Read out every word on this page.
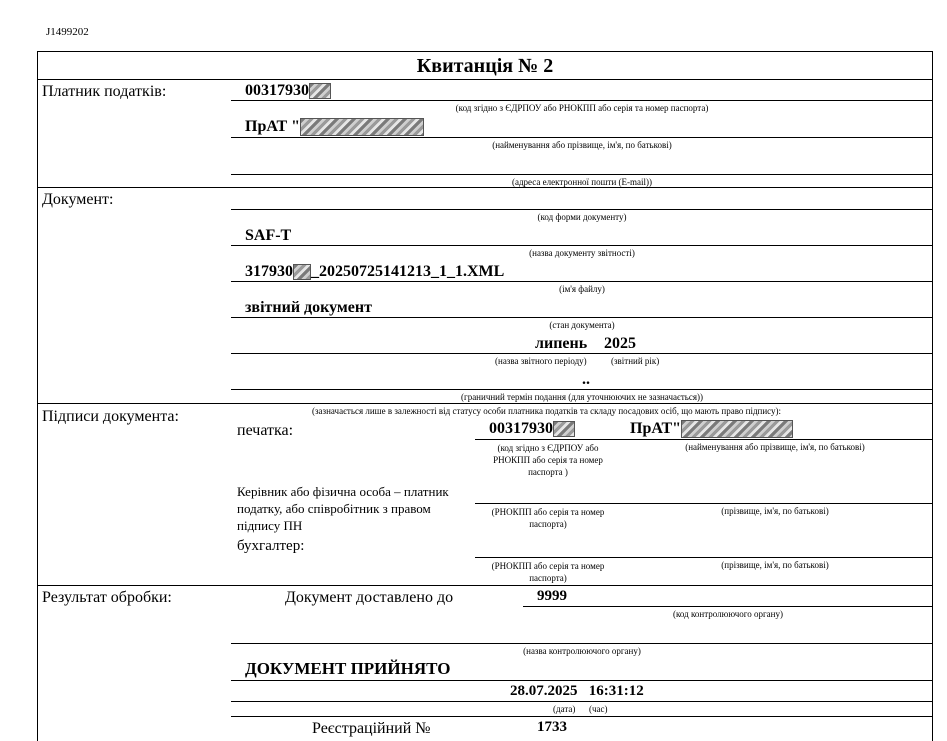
J1499202
Квитанція № 2
Платник податків:	00317930
(код згідно з ЄДРПОУ або РНОКПП або серія та номер паспорта)
ПрАТ "
(найменування або прізвище, ім'я, по батькові)
(адреса електронної пошти (E-mail))
Документ:
(код форми документу)
SAF-T
(назва документу звітності)
317930 _20250725141213_1_1.XML
(ім'я файлу)
звітний документ
(стан документа)
липень 2025
(назва звітного періоду)	(звітний рік)
..
(граничний термін подання (для уточнюючих не зазначається))
Підписи документа:	(зазначається лише в залежності від статусу особи платника податків та складу посадових осіб, що мають право підпису):
печатка:	00317930	ПрАТ"
(код згідно з ЄДРПОУ або РНОКПП або серія та номер паспорта )
(найменування або прізвище, ім'я, по батькові)
Керівник або фізична особа – платник податку, або співробітник з правом підпису ПН
(РНОКПП або серія та номер паспорта)
(прізвище, ім'я, по батькові)
бухгалтер:
(РНОКПП або серія та номер паспорта)
(прізвище, ім'я, по батькові)
Результат обробки:	Документ доставлено до	9999
(код контролюючого органу)
(назва контролюючого органу)
ДОКУМЕНТ ПРИЙНЯТО
28.07.2025   16:31:12
(дата) (час)
Реєстраційний №	1733
